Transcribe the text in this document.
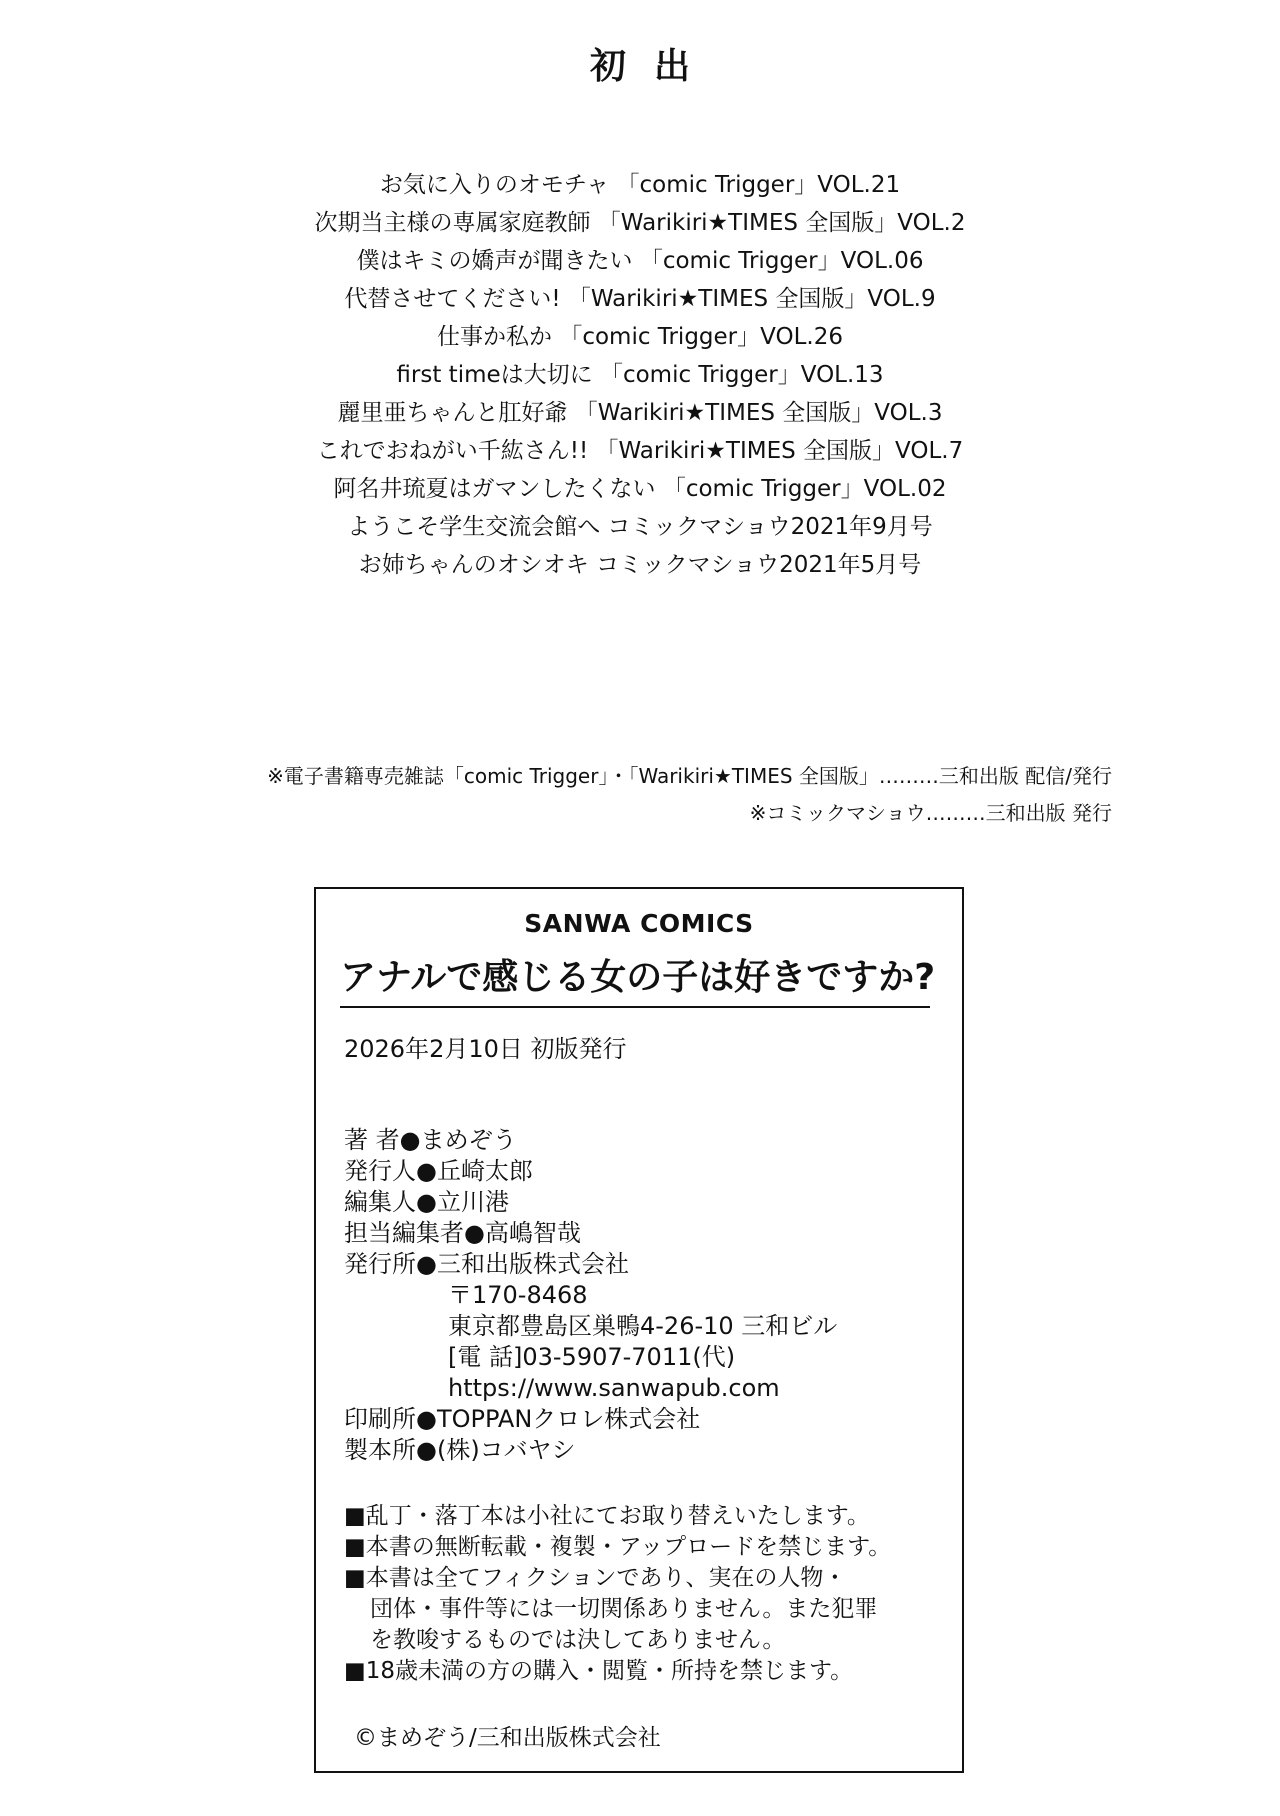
初出
お気に入りのオモチャ 「comic Trigger」VOL.21
次期当主様の専属家庭教師 「Warikiri★TIMES 全国版」VOL.2
僕はキミの嬌声が聞きたい 「comic Trigger」VOL.06
代替させてください! 「Warikiri★TIMES 全国版」VOL.9
仕事か私か 「comic Trigger」VOL.26
first timeは大切に 「comic Trigger」VOL.13
麗里亜ちゃんと肛好爺 「Warikiri★TIMES 全国版」VOL.3
これでおねがい千紘さん!! 「Warikiri★TIMES 全国版」VOL.7
阿名井琉夏はガマンしたくない 「comic Trigger」VOL.02
ようこそ学生交流会館へ コミックマショウ2021年9月号
お姉ちゃんのオシオキ コミックマショウ2021年5月号
※電子書籍専売雑誌「comic Trigger」・「Warikiri★TIMES 全国版」………三和出版 配信/発行
※コミックマショウ………三和出版 発行
SANWA COMICS
アナルで感じる女の子は好きですか?
2026年2月10日 初版発行
著 者●まめぞう
発行人●丘崎太郎
編集人●立川港
担当編集者●高嶋智哉
発行所●三和出版株式会社
〒170-8468
東京都豊島区巣鴨4-26-10 三和ビル
[電 話]03-5907-7011(代)
https://www.sanwapub.com
印刷所●TOPPANクロレ株式会社
製本所●(株)コバヤシ
■乱丁・落丁本は小社にてお取り替えいたします。
■本書の無断転載・複製・アップロードを禁じます。
■本書は全てフィクションであり、実在の人物・
団体・事件等には一切関係ありません。また犯罪
を教唆するものでは決してありません。
■18歳未満の方の購入・閲覧・所持を禁じます。
©まめぞう/三和出版株式会社
